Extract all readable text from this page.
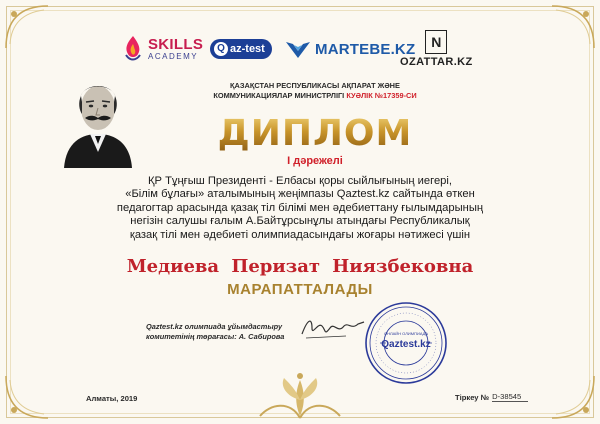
SKILLS
ACADEMY
Q az-test	MARTEBE.KZ	N
OZATTAR.KZ
ҚАЗАҚСТАН РЕСПУБЛИКАСЫ АҚПАРАТ ЖӘНЕ
КОММУНИКАЦИЯЛАР МИНИСТРЛІГІ КУӘЛІК №17359-СИ
ДИПЛОМ
I дәрежелі
ҚР Тұңғыш Президенті - Елбасы қоры сыйлығының иегері,
«Білім бұлағы» аталымының жеңімпазы Qaztest.kz сайтында өткен
педагогтар арасында қазақ тіл білімі мен әдебиеттану ғылымдарының
негізін салушы ғалым А.Байтұрсынұлы атындағы Республикалық
қазақ тілі мен әдебиеті олимпиадасындағы жоғары нәтижесі үшін
Медиева Перизат Ниязбековна
МАРАПАТТАЛАДЫ
Qaztest.kz олимпиада ұйымдастыру
комитетінің төрағасы: А. Сабирова	ОНЛАЙН ОЛИМПИАДА
Qaztest.kz
Алматы, 2019	Тіркеу № D-38545
